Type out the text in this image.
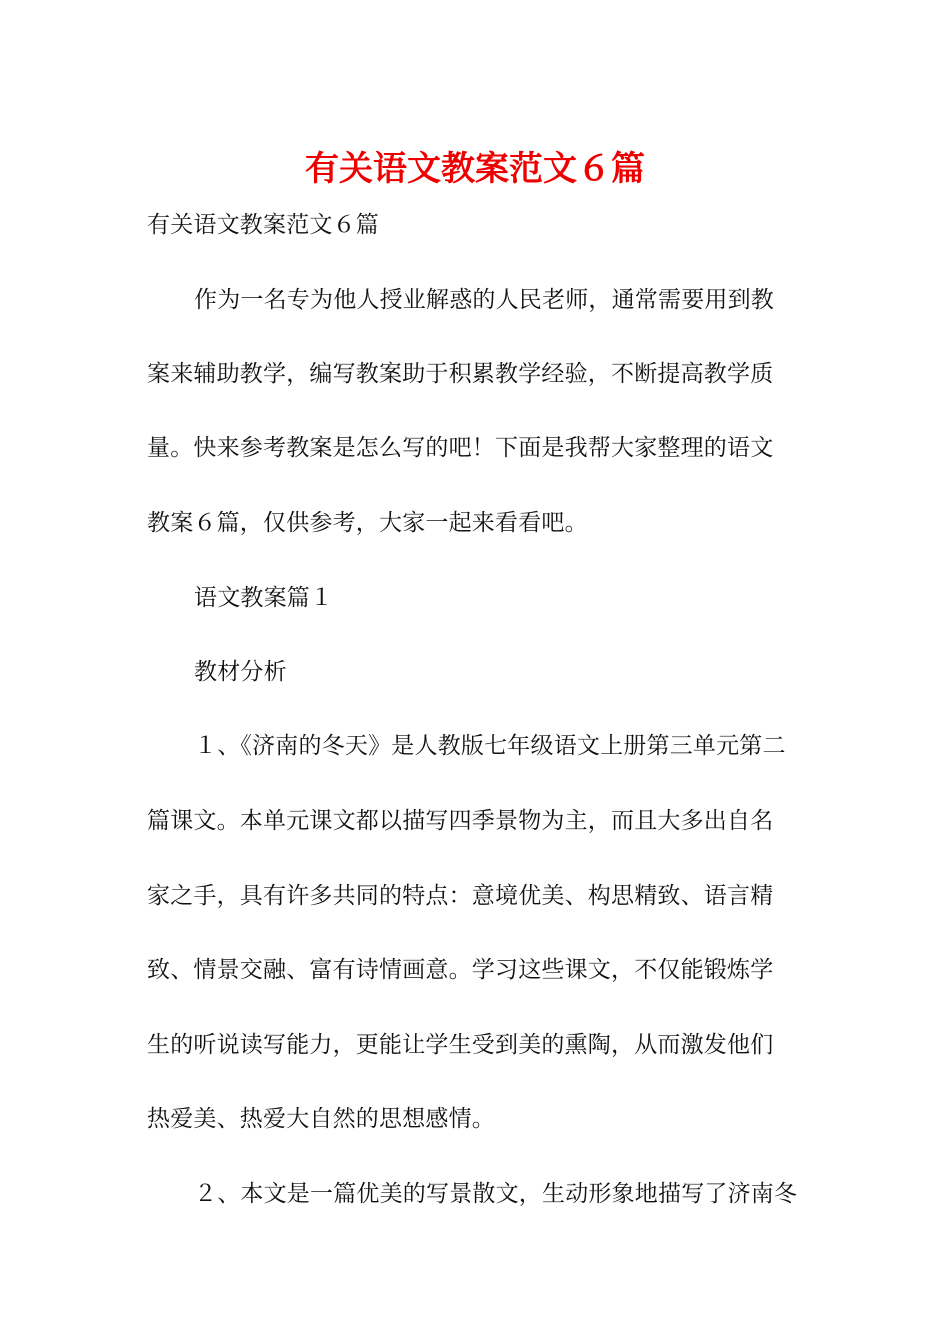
有关语文教案范文６篇
有关语文教案范文６篇
作为一名专为他人授业解惑的人民老师，通常需要用到教
案来辅助教学，编写教案助于积累教学经验，不断提高教学质
量。快来参考教案是怎么写的吧！下面是我帮大家整理的语文
教案６篇，仅供参考，大家一起来看看吧。
语文教案篇１
教材分析
１、《济南的冬天》是人教版七年级语文上册第三单元第二
篇课文。本单元课文都以描写四季景物为主，而且大多出自名
家之手，具有许多共同的特点：意境优美、构思精致、语言精
致、情景交融、富有诗情画意。学习这些课文，不仅能锻炼学
生的听说读写能力，更能让学生受到美的熏陶，从而激发他们
热爱美、热爱大自然的思想感情。
２、本文是一篇优美的写景散文，生动形象地描写了济南冬
